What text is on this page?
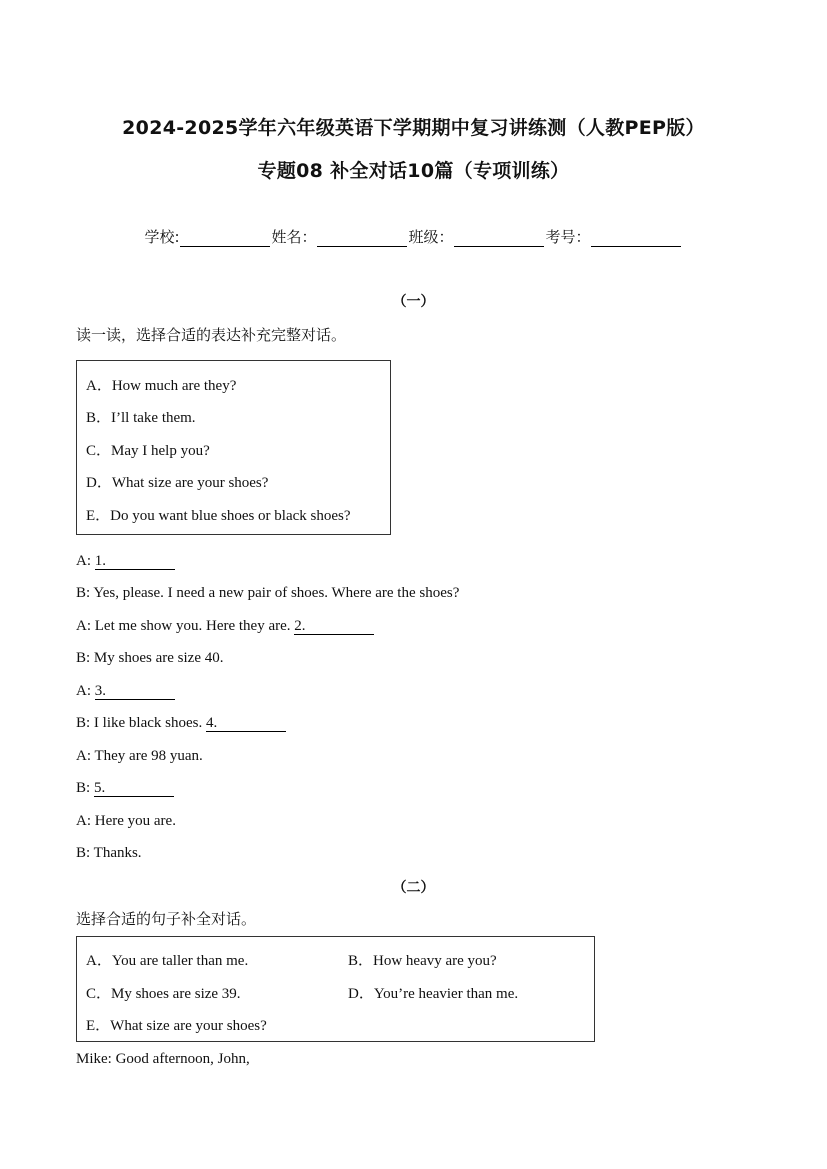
2024-2025学年六年级英语下学期期中复习讲练测（人教PEP版）
专题08 补全对话10篇（专项训练）
学校:	姓名：	班级：	考号：
（一）
读一读，选择合适的表达补充完整对话。
A．How much are they?
B．I’ll take them.
C．May I help you?
D．What size are your shoes?
E．Do you want blue shoes or black shoes?
A: 1.
B: Yes, please. I need a new pair of shoes. Where are the shoes?
A: Let me show you. Here they are. 2.
B: My shoes are size 40.
A: 3.
B: I like black shoes. 4.
A: They are 98 yuan.
B: 5.
A: Here you are.
B: Thanks.
（二）
选择合适的句子补全对话。
A．You are taller than me.	B．How heavy are you?
C．My shoes are size 39.	D．You’re heavier than me.
E．What size are your shoes?
Mike: Good afternoon, John,
